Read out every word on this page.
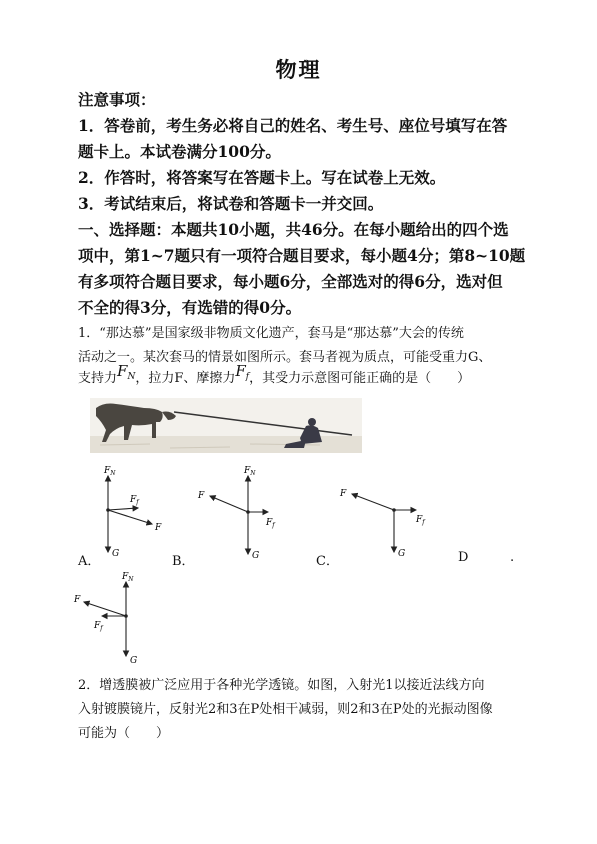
物理
注意事项：
1．答卷前，考生务必将自己的姓名、考生号、座位号填写在答
题卡上。本试卷满分100分。
2．作答时，将答案写在答题卡上。写在试卷上无效。
3．考试结束后，将试卷和答题卡一并交回。
一、选择题：本题共10小题，共46分。在每小题给出的四个选
项中，第1~7题只有一项符合题目要求，每小题4分；第8~10题
有多项符合题目要求，每小题6分，全部选对的得6分，选对但
不全的得3分，有选错的得0分。
1．“那达慕”是国家级非物质文化遗产，套马是“那达慕”大会的传统
活动之一。某次套马的情景如图所示。套马者视为质点，可能受重力G、
支持力$F_N$，拉力F、摩擦力$F_f$，其受力示意图可能正确的是（　　）
$F_N$
$F_f$
F
G
$F_N$
F
$F_f$
G
F
$F_f$
G
A．	B．	C．	D	.
$F_N$
F
$F_f$
G
2．增透膜被广泛应用于各种光学透镜。如图，入射光1以接近法线方向
入射镀膜镜片，反射光2和3在P处相干减弱，则2和3在P处的光振动图像
可能为（　　）
